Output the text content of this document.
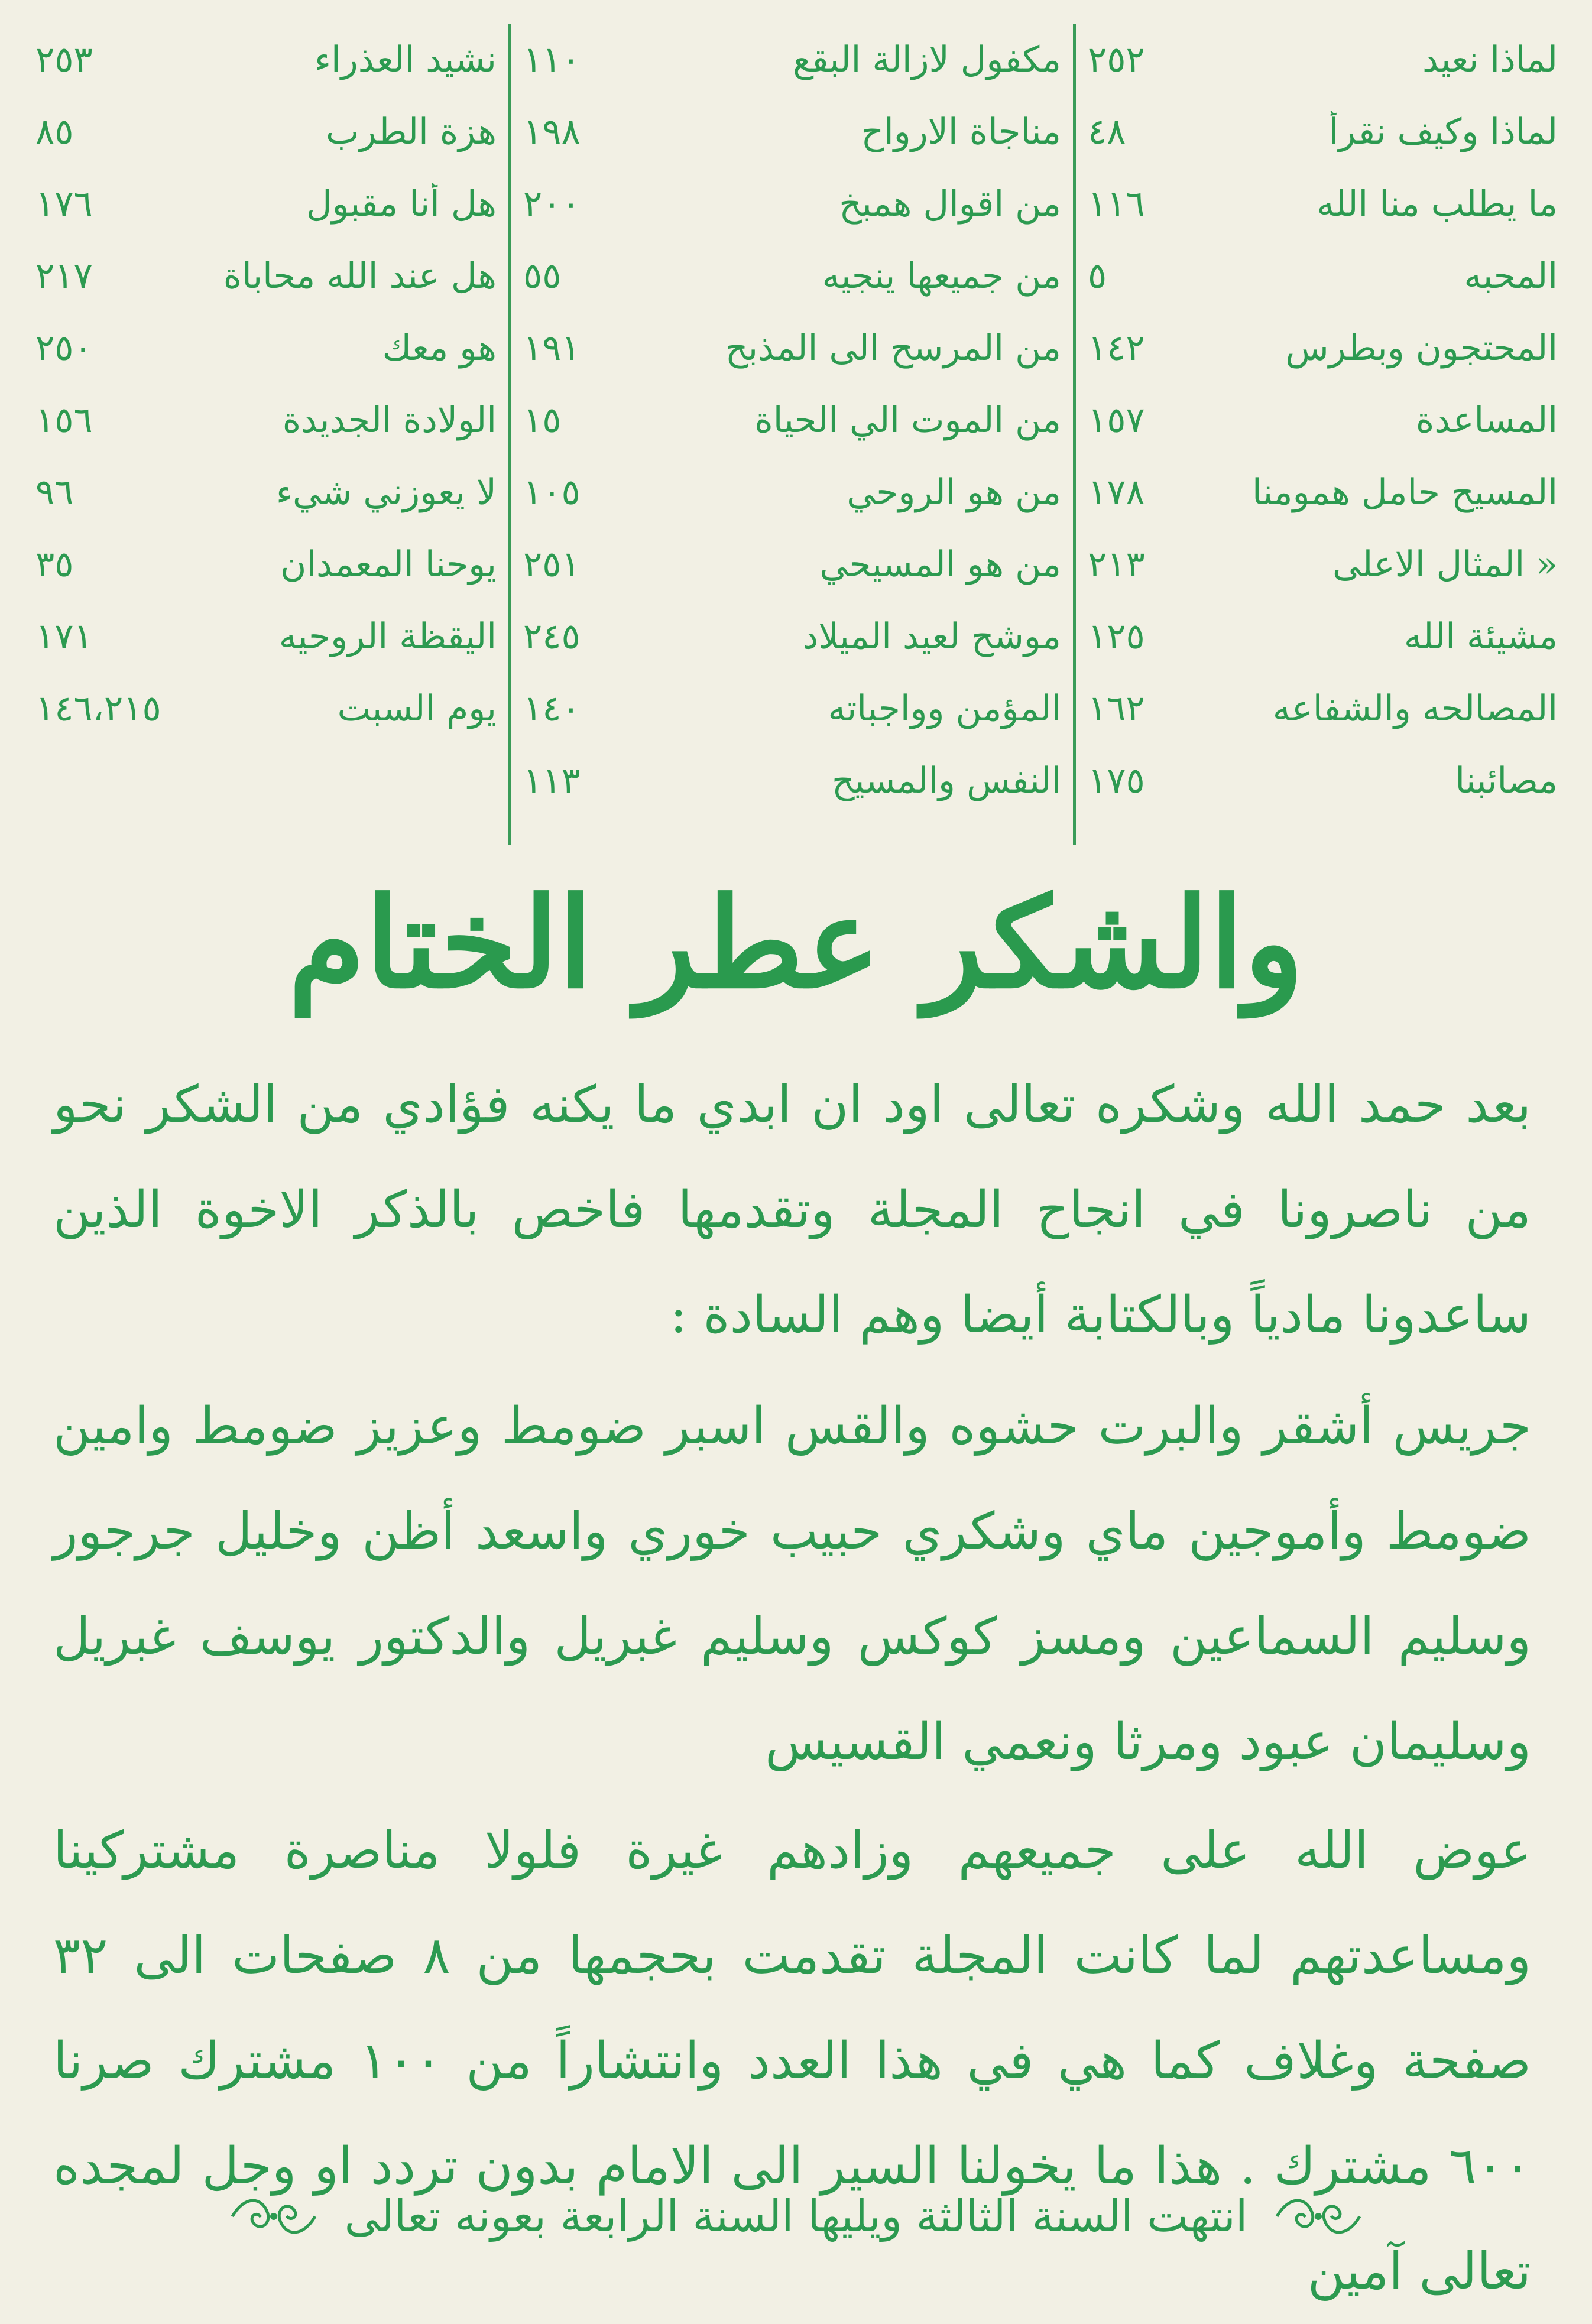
لماذا نعيد
٢٥٢
لماذا وكيف نقرأ
٤٨
ما يطلب منا الله
١١٦
المحبه
٥
المحتجون وبطرس
١٤٢
المساعدة
١٥٧
المسيح حامل همومنا
١٧٨
« المثال الاعلى
٢١٣
مشيئة الله
١٢٥
المصالحه والشفاعه
١٦٢
مصائبنا
١٧٥
مكفول لازالة البقع
١١٠
مناجاة الارواح
١٩٨
من اقوال همبخ
٢٠٠
من جميعها ينجيه
٥٥
من المرسح الى المذبح
١٩١
من الموت الي الحياة
١٥
من هو الروحي
١٠٥
من هو المسيحي
٢٥١
موشح لعيد الميلاد
٢٤٥
المؤمن وواجباته
١٤٠
النفس والمسيح
١١٣
نشيد العذراء
٢٥٣
هزة الطرب
٨٥
هل أنا مقبول
١٧٦
هل عند الله محاباة
٢١٧
هو معك
٢٥٠
الولادة الجديدة
١٥٦
لا يعوزني شيء
٩٦
يوحنا المعمدان
٣٥
اليقظة الروحيه
١٧١
يوم السبت
١٤٦،٢١٥
والشكر عطر الختام

بعد حمد الله وشكره تعالى اود ان ابدي ما يكنه فؤادي من الشكر نحو من ناصرونا في انجاح المجلة وتقدمها فاخص بالذكر الاخوة الذين ساعدونا مادياً وبالكتابة أيضا وهم السادة :

جريس أشقر والبرت حشوه والقس اسبر ضومط وعزيز ضومط وامين ضومط وأموجين ماي وشكري حبيب خوري واسعد أظن وخليل جرجور وسليم السماعين ومسز كوكس وسليم غبريل والدكتور يوسف غبريل وسليمان عبود ومرثا ونعمي القسيس

عوض الله على جميعهم وزادهم غيرة فلولا مناصرة مشتركينا ومساعدتهم لما كانت المجلة تقدمت بحجمها من ٨ صفحات الى ٣٢ صفحة وغلاف كما هي في هذا العدد وانتشاراً من ١٠٠ مشترك صرنا ٦٠٠ مشترك . هذا ما يخولنا السير الى الامام بدون تردد او وجل لمجده تعالى آمين

انتهت السنة الثالثة ويليها السنة الرابعة بعونه تعالى
